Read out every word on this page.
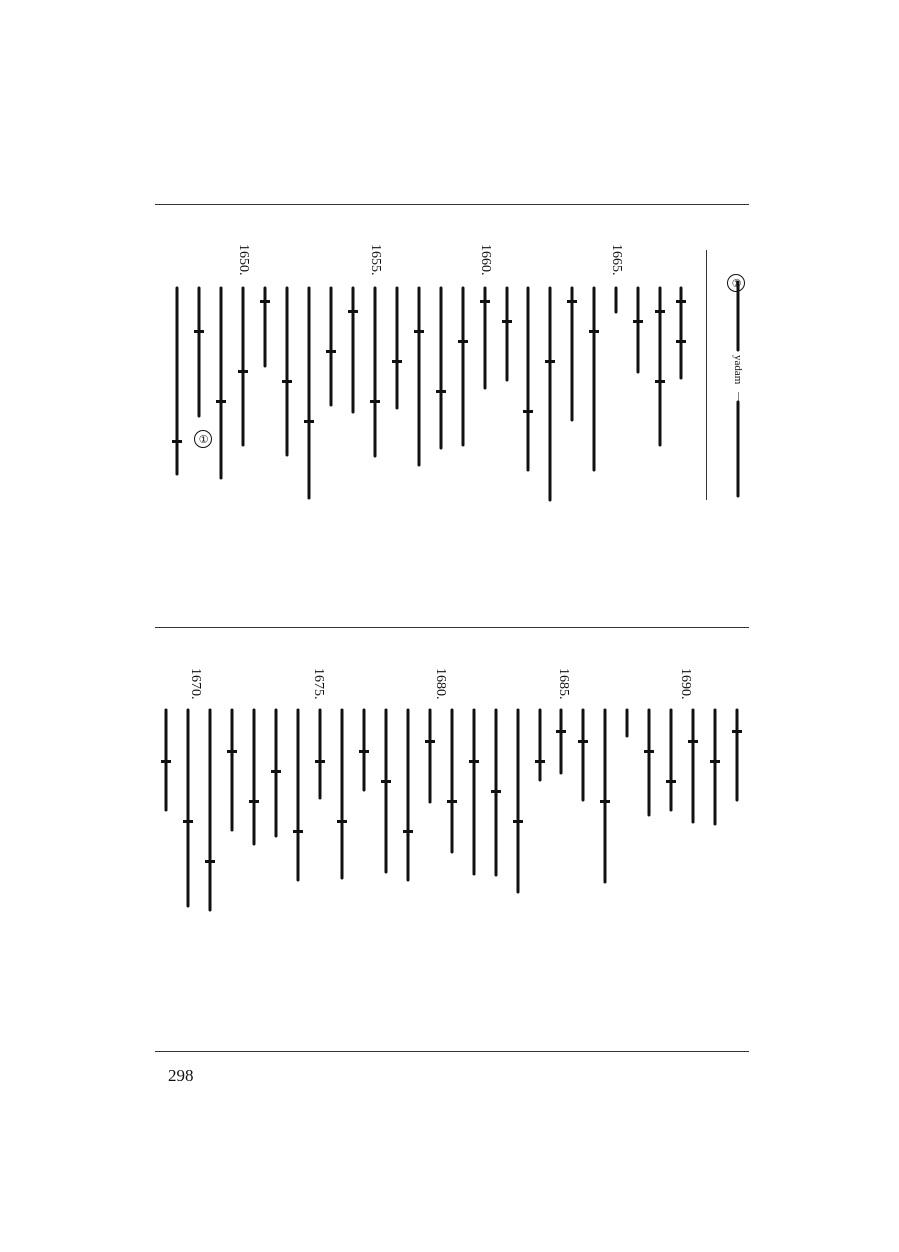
①
yadam
—
1665.
1660.
1655.
1650.
①
1690.
1685.
1680.
1675.
1670.
298
